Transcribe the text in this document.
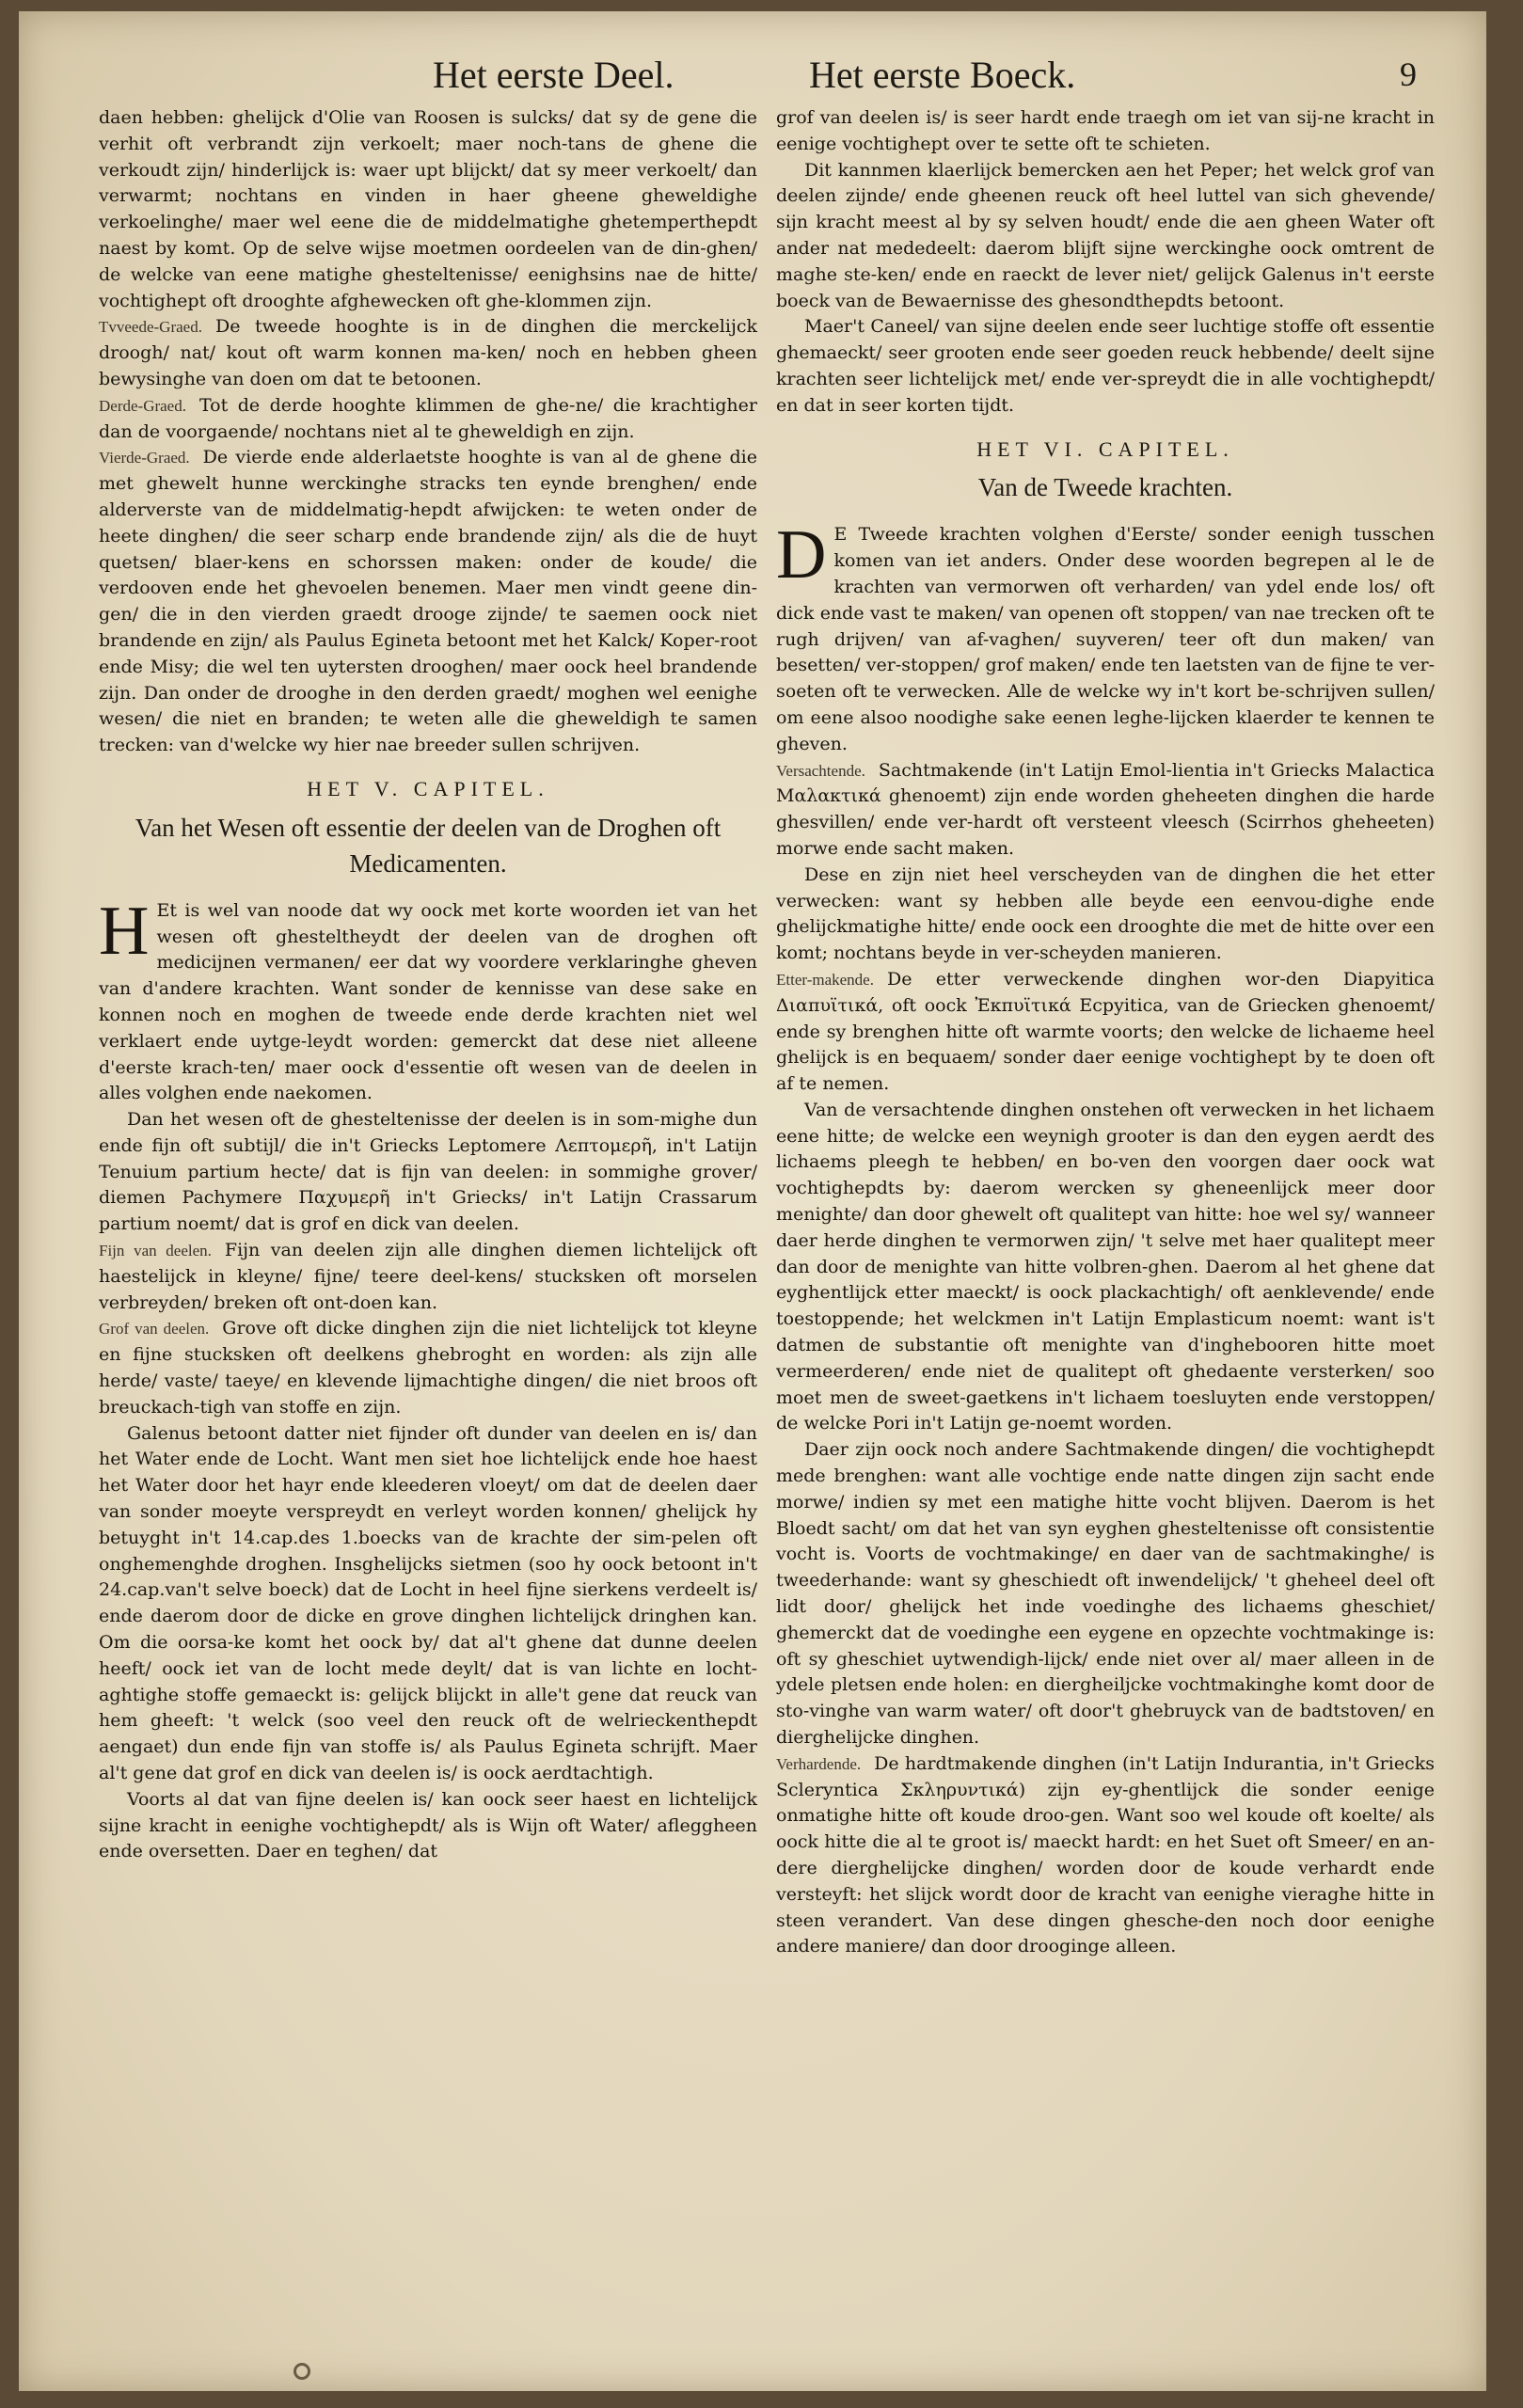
Het eerste Deel.	Het eerste Boeck.	9

daen hebben: ghelijck d'Olie van Roosen is sulcks/ dat sy de gene die verhit oft verbrandt zijn verkoelt; maer noch-tans de ghene die verkoudt zijn/ hinderlijck is: waer upt blijckt/ dat sy meer verkoelt/ dan verwarmt; nochtans en vinden in haer gheene gheweldighe verkoelinghe/ maer wel eene die de middelmatighe ghetemperthepdt naest by komt. Op de selve wijse moetmen oordeelen van de din-ghen/ de welcke van eene matighe ghesteltenisse/ eenighsins nae de hitte/ vochtighept oft drooghte afghewecken oft ghe-klommen zijn.

Tvveede-Graed. De tweede hooghte is in de dinghen die merckelijck droogh/ nat/ kout oft warm konnen ma-ken/ noch en hebben gheen bewysinghe van doen om dat te betoonen.

Derde-Graed. Tot de derde hooghte klimmen de ghe-ne/ die krachtigher dan de voorgaende/ nochtans niet al te gheweldigh en zijn.

Vierde-Graed. De vierde ende alderlaetste hooghte is van al de ghene die met ghewelt hunne werckinghe stracks ten eynde brenghen/ ende alderverste van de middelmatig-hepdt afwijcken: te weten onder de heete dinghen/ die seer scharp ende brandende zijn/ als die de huyt quetsen/ blaer-kens en schorssen maken: onder de koude/ die verdooven ende het ghevoelen benemen. Maer men vindt geene din-gen/ die in den vierden graedt drooge zijnde/ te saemen oock niet brandende en zijn/ als Paulus Egineta betoont met het Kalck/ Koper-root ende Misy; die wel ten uytersten drooghen/ maer oock heel brandende zijn. Dan onder de drooghe in den derden graedt/ moghen wel eenighe wesen/ die niet en branden; te weten alle die gheweldigh te samen trecken: van d'welcke wy hier nae breeder sullen schrijven.

HET V. CAPITEL.
Van het Wesen oft essentie der deelen van de Droghen oft Medicamenten.

H Et is wel van noode dat wy oock met korte woorden iet van het wesen oft ghesteltheydt der deelen van de droghen oft medicijnen vermanen/ eer dat wy voordere verklaringhe gheven van d'andere krachten. Want sonder de kennisse van dese sake en konnen noch en moghen de tweede ende derde krachten niet wel verklaert ende uytge-leydt worden: gemerckt dat dese niet alleene d'eerste krach-ten/ maer oock d'essentie oft wesen van de deelen in alles volghen ende naekomen.

Dan het wesen oft de ghesteltenisse der deelen is in som-mighe dun ende fijn oft subtijl/ die in't Griecks Leptomere Λεπτομερῆ, in't Latijn Tenuium partium hecte/ dat is fijn van deelen: in sommighe grover/ diemen Pachymere Παχυμερῆ in't Griecks/ in't Latijn Crassarum partium noemt/ dat is grof en dick van deelen.

Fijn van deelen. Fijn van deelen zijn alle dinghen diemen lichtelijck oft haestelijck in kleyne/ fijne/ teere deel-kens/ stucksken oft morselen verbreyden/ breken oft ont-doen kan.

Grof van deelen. Grove oft dicke dinghen zijn die niet lichtelijck tot kleyne en fijne stucksken oft deelkens ghebroght en worden: als zijn alle herde/ vaste/ taeye/ en klevende lijmachtighe dingen/ die niet broos oft breuckach-tigh van stoffe en zijn.

Galenus betoont datter niet fijnder oft dunder van deelen en is/ dan het Water ende de Locht. Want men siet hoe lichtelijck ende hoe haest het Water door het hayr ende kleederen vloeyt/ om dat de deelen daer van sonder moeyte verspreydt en verleyt worden konnen/ ghelijck hy betuyght in't 14.cap.des 1.boecks van de krachte der sim-pelen oft onghemenghde droghen. Insghelijcks sietmen (soo hy oock betoont in't 24.cap.van't selve boeck) dat de Locht in heel fijne sierkens verdeelt is/ ende daerom door de dicke en grove dinghen lichtelijck dringhen kan. Om die oorsa-ke komt het oock by/ dat al't ghene dat dunne deelen heeft/ oock iet van de locht mede deylt/ dat is van lichte en locht-aghtighe stoffe gemaeckt is: gelijck blijckt in alle't gene dat reuck van hem gheeft: 't welck (soo veel den reuck oft de welrieckenthepdt aengaet) dun ende fijn van stoffe is/ als Paulus Egineta schrijft. Maer al't gene dat grof en dick van deelen is/ is oock aerdtachtigh.

Voorts al dat van fijne deelen is/ kan oock seer haest en lichtelijck sijne kracht in eenighe vochtighepdt/ als is Wijn oft Water/ afleggheen ende oversetten. Daer en teghen/ dat

grof van deelen is/ is seer hardt ende traegh om iet van sij-ne kracht in eenige vochtighept over te sette oft te schieten.

Dit kannmen klaerlijck bemercken aen het Peper; het welck grof van deelen zijnde/ ende gheenen reuck oft heel luttel van sich ghevende/ sijn kracht meest al by sy selven houdt/ ende die aen gheen Water oft ander nat mededeelt: daerom blijft sijne werckinghe oock omtrent de maghe ste-ken/ ende en raeckt de lever niet/ gelijck Galenus in't eerste boeck van de Bewaernisse des ghesondthepdts betoont.

Maer't Caneel/ van sijne deelen ende seer luchtige stoffe oft essentie ghemaeckt/ seer grooten ende seer goeden reuck hebbende/ deelt sijne krachten seer lichtelijck met/ ende ver-spreydt die in alle vochtighepdt/ en dat in seer korten tijdt.

HET VI. CAPITEL.
Van de Tweede krachten.

D E Tweede krachten volghen d'Eerste/ sonder eenigh tusschen komen van iet anders. Onder dese woorden begrepen al le de krachten van vermorwen oft verharden/ van ydel ende los/ oft dick ende vast te maken/ van openen oft stoppen/ van nae trecken oft te rugh drijven/ van af-vaghen/ suyveren/ teer oft dun maken/ van besetten/ ver-stoppen/ grof maken/ ende ten laetsten van de fijne te ver-soeten oft te verwecken. Alle de welcke wy in't kort be-schrijven sullen/ om eene alsoo noodighe sake eenen leghe-lijcken klaerder te kennen te gheven.

Versachtende. Sachtmakende (in't Latijn Emol-lientia in't Griecks Malactica Μαλακτικά ghenoemt) zijn ende worden gheheeten dinghen die harde ghesvillen/ ende ver-hardt oft versteent vleesch (Scirrhos gheheeten) morwe ende sacht maken.

Dese en zijn niet heel verscheyden van de dinghen die het etter verwecken: want sy hebben alle beyde een eenvou-dighe ende ghelijckmatighe hitte/ ende oock een drooghte die met de hitte over een komt; nochtans beyde in ver-scheyden manieren.

Etter-makende. De etter verweckende dinghen wor-den Diapyitica Διαπυϊτικά, oft oock Ἐκπυϊτικά Ecpyitica, van de Griecken ghenoemt/ ende sy brenghen hitte oft warmte voorts; den welcke de lichaeme heel ghelijck is en bequaem/ sonder daer eenige vochtighept by te doen oft af te nemen.

Van de versachtende dinghen onstehen oft verwecken in het lichaem eene hitte; de welcke een weynigh grooter is dan den eygen aerdt des lichaems pleegh te hebben/ en bo-ven den voorgen daer oock wat vochtighepdts by: daerom wercken sy gheneenlijck meer door menighte/ dan door ghewelt oft qualitept van hitte: hoe wel sy/ wanneer daer herde dinghen te vermorwen zijn/ 't selve met haer qualitept meer dan door de menighte van hitte volbren-ghen. Daerom al het ghene dat eyghentlijck etter maeckt/ is oock plackachtigh/ oft aenklevende/ ende toestoppende; het welckmen in't Latijn Emplasticum noemt: want is't datmen de substantie oft menighte van d'inghebooren hitte moet vermeerderen/ ende niet de qualitept oft ghedaente versterken/ soo moet men de sweet-gaetkens in't lichaem toesluyten ende verstoppen/ de welcke Pori in't Latijn ge-noemt worden.

Daer zijn oock noch andere Sachtmakende dingen/ die vochtighepdt mede brenghen: want alle vochtige ende natte dingen zijn sacht ende morwe/ indien sy met een matighe hitte vocht blijven. Daerom is het Bloedt sacht/ om dat het van syn eyghen ghesteltenisse oft consistentie vocht is. Voorts de vochtmakinge/ en daer van de sachtmakinghe/ is tweederhande: want sy gheschiedt oft inwendelijck/ 't gheheel deel oft lidt door/ ghelijck het inde voedinghe des lichaems gheschiet/ ghemerckt dat de voedinghe een eygene en opzechte vochtmakinge is: oft sy gheschiet uytwendigh-lijck/ ende niet over al/ maer alleen in de ydele pletsen ende holen: en diergheiljcke vochtmakinghe komt door de sto-vinghe van warm water/ oft door't ghebruyck van de badtstoven/ en dierghelijcke dinghen.

Verhardende. De hardtmakende dinghen (in't Latijn Indurantia, in't Griecks Scleryntica Σκληρυντικά) zijn ey-ghentlijck die sonder eenige onmatighe hitte oft koude droo-gen. Want soo wel koude oft koelte/ als oock hitte die al te groot is/ maeckt hardt: en het Suet oft Smeer/ en an-dere dierghelijcke dinghen/ worden door de koude verhardt ende versteyft: het slijck wordt door de kracht van eenighe vieraghe hitte in steen verandert. Van dese dingen ghesche-den noch door eenighe andere maniere/ dan door drooginge alleen.
